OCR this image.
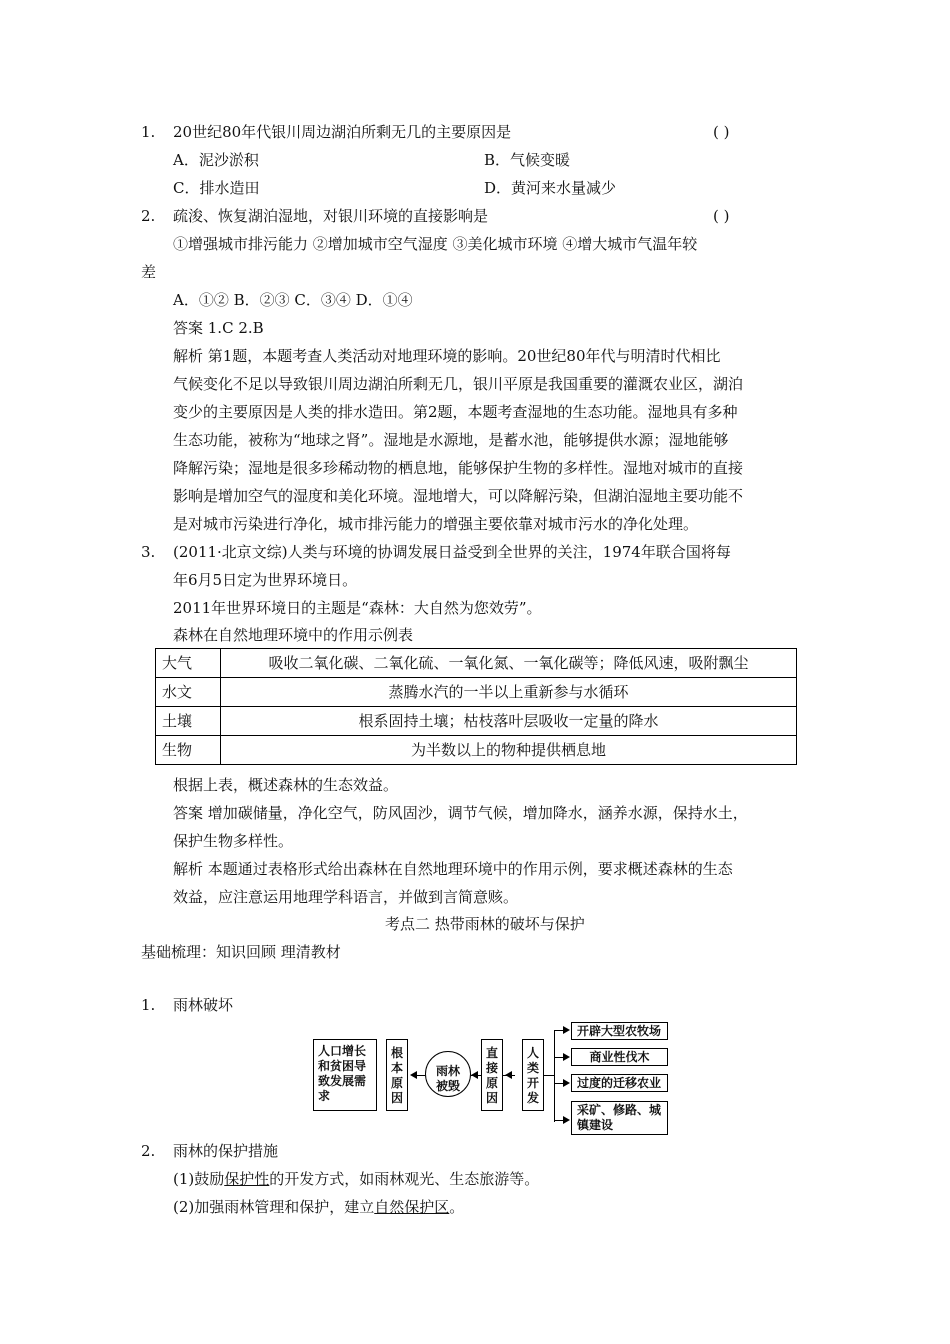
1. 20世纪80年代银川周边湖泊所剩无几的主要原因是	( )
A．泥沙淤积	B．气候变暖
C．排水造田	D．黄河来水量减少
2. 疏浚、恢复湖泊湿地，对银川环境的直接影响是	( )
①增强城市排污能力 ②增加城市空气湿度 ③美化城市环境 ④增大城市气温年较
差
A．①② B．②③ C．③④ D．①④
答案 1.C 2.B
解析 第1题，本题考查人类活动对地理环境的影响。20世纪80年代与明清时代相比
气候变化不足以导致银川周边湖泊所剩无几，银川平原是我国重要的灌溉农业区，湖泊
变少的主要原因是人类的排水造田。第2题，本题考查湿地的生态功能。湿地具有多种
生态功能，被称为“地球之肾”。湿地是水源地，是蓄水池，能够提供水源；湿地能够
降解污染；湿地是很多珍稀动物的栖息地，能够保护生物的多样性。湿地对城市的直接
影响是增加空气的湿度和美化环境。湿地增大，可以降解污染，但湖泊湿地主要功能不
是对城市污染进行净化，城市排污能力的增强主要依靠对城市污水的净化处理。
3. (2011·北京文综)人类与环境的协调发展日益受到全世界的关注，1974年联合国将每
年6月5日定为世界环境日。
2011年世界环境日的主题是“森林：大自然为您效劳”。
森林在自然地理环境中的作用示例表
大气	吸收二氧化碳、二氧化硫、一氧化氮、一氧化碳等；降低风速，吸附飘尘
水文	蒸腾水汽的一半以上重新参与水循环
土壤	根系固持土壤；枯枝落叶层吸收一定量的降水
生物	为半数以上的物种提供栖息地
根据上表，概述森林的生态效益。
答案 增加碳储量，净化空气，防风固沙，调节气候，增加降水，涵养水源，保持水土，
保护生物多样性。
解析 本题通过表格形式给出森林在自然地理环境中的作用示例，要求概述森林的生态
效益，应注意运用地理学科语言，并做到言简意赅。
考点二 热带雨林的破坏与保护
基础梳理：知识回顾 理清教材
1. 雨林破坏
人口增长
和贫困导
致发展需
求
根
本
原
因
雨林
被毁
直
接
原
因
人
类
开
发
开辟大型农牧场
商业性伐木
过度的迁移农业
采矿、修路、城
镇建设
2. 雨林的保护措施
(1)鼓励保护性的开发方式，如雨林观光、生态旅游等。
(2)加强雨林管理和保护，建立自然保护区。
